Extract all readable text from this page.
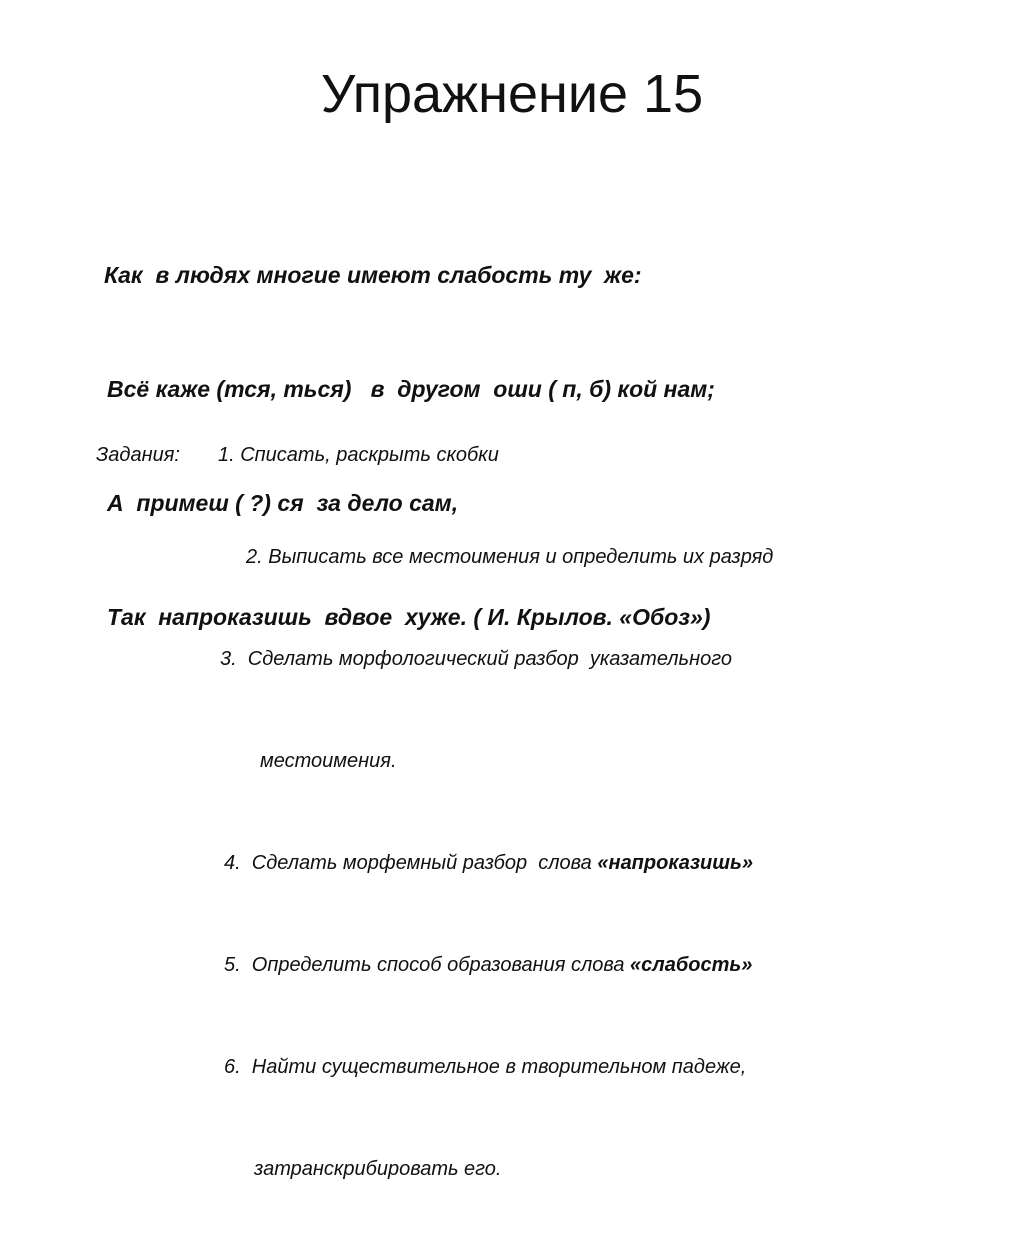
Упражнение 15

Как  в людях многие имеют слабость ту  же:

Всё каже (тся, ться)   в  другом  оши ( п, б) кой нам;

А  примеш ( ?) ся  за дело сам,

Так  напроказишь  вдвое  хуже. ( И. Крылов. «Обоз»)

Задания:

1. Списать, раскрыть скобки

2. Выписать все местоимения и определить их разряд

3.  Сделать морфологический разбор  указательного

местоимения.

4.  Сделать морфемный разбор  слова «напроказишь»

5.  Определить способ образования слова «слабость»

6.  Найти существительное в творительном падеже,

затранскрибировать его.
